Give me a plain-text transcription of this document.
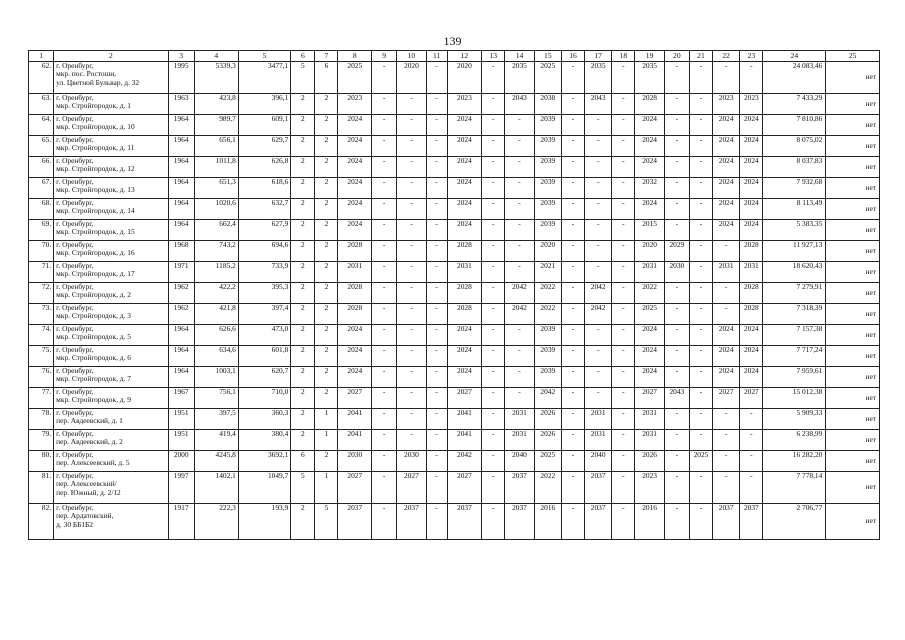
139
1	2	3	4	5	6	7	8	9	10	11	12	13	14	15	16	17	18	19	20	21	22	23	24	25
62.	г. Оренбург,
мкр. пос. Ростоши,
ул. Цветной Бульвар, д. 32	1995	5339,3	3477,1	5	6	2025	-	2020	-	2020	-	2035	2025	-	2035	-	2035	-	-	-	-	24 083,46	нет
63.	г. Оренбург,
мкр. Стройгородок, д. 1	1963	423,8	396,1	2	2	2023	-	-	-	2023	-	2043	2038	-	2043	-	2028	-	-	2023	2023	7 433,29	нет
64.	г. Оренбург,
мкр. Стройгородок, д. 10	1964	989,7	609,1	2	2	2024	-	-	-	2024	-	-	2039	-	-	-	2024	-	-	2024	2024	7 810,86	нет
65.	г. Оренбург,
мкр. Стройгородок, д. 11	1964	656,1	629,7	2	2	2024	-	-	-	2024	-	-	2039	-	-	-	2024	-	-	2024	2024	8 075,02	нет
66.	г. Оренбург,
мкр. Стройгородок, д. 12	1964	1011,8	626,8	2	2	2024	-	-	-	2024	-	-	2039	-	-	-	2024	-	-	2024	2024	8 037,83	нет
67.	г. Оренбург,
мкр. Стройгородок, д. 13	1964	651,3	618,6	2	2	2024	-	-	-	2024	-	-	2039	-	-	-	2032	-	-	2024	2024	7 932,68	нет
68.	г. Оренбург,
мкр. Стройгородок, д. 14	1964	1020,6	632,7	2	2	2024	-	-	-	2024	-	-	2039	-	-	-	2024	-	-	2024	2024	8 113,49	нет
69.	г. Оренбург,
мкр. Стройгородок, д. 15	1964	662,4	627,9	2	2	2024	-	-	-	2024	-	-	2039	-	-	-	2015	-	-	2024	2024	5 383,35	нет
70.	г. Оренбург,
мкр. Стройгородок, д. 16	1968	743,2	694,6	2	2	2028	-	-	-	2028	-	-	2020	-	-	-	2020	2029	-	-	2028	11 927,13	нет
71.	г. Оренбург,
мкр. Стройгородок, д. 17	1971	1185,2	733,9	2	2	2031	-	-	-	2031	-	-	2021	-	-	-	2031	2030	-	2031	2031	18 620,43	нет
72.	г. Оренбург,
мкр. Стройгородок, д. 2	1962	422,2	395,3	2	2	2028	-	-	-	2028	-	2042	2022	-	2042	-	2022	-	-	-	2028	7 279,91	нет
73.	г. Оренбург,
мкр. Стройгородок, д. 3	1962	421,8	397,4	2	2	2028	-	-	-	2028	-	2042	2022	-	2042	-	2025	-	-	-	2028	7 318,39	нет
74.	г. Оренбург,
мкр. Стройгородок, д. 5	1964	626,6	473,0	2	2	2024	-	-	-	2024	-	-	2039	-	-	-	2024	-	-	2024	2024	7 157,38	нет
75.	г. Оренбург,
мкр. Стройгородок, д. 6	1964	634,6	601,8	2	2	2024	-	-	-	2024	-	-	2039	-	-	-	2024	-	-	2024	2024	7 717,24	нет
76.	г. Оренбург,
мкр. Стройгородок, д. 7	1964	1003,1	620,7	2	2	2024	-	-	-	2024	-	-	2039	-	-	-	2024	-	-	2024	2024	7 959,61	нет
77.	г. Оренбург,
мкр. Стройгородок, д. 9	1967	756,1	710,0	2	2	2027	-	-	-	2027	-	-	2042	-	-	-	2027	2043	-	2027	2027	15 012,38	нет
78.	г. Оренбург,
пер. Авдеевский, д. 1	1951	397,5	360,3	2	1	2041	-	-	-	2041	-	2031	2026	-	2031	-	2031	-	-	-	-	5 909,33	нет
79.	г. Оренбург,
пер. Авдеевский, д. 2	1951	419,4	380,4	2	1	2041	-	-	-	2041	-	2031	2026	-	2031	-	2031	-	-	-	-	6 238,99	нет
80.	г. Оренбург,
пер. Алексеевский, д. 5	2000	4245,8	3692,1	6	2	2030	-	2030	-	2042	-	2040	2025	-	2040	-	2026	-	2025	-	-	16 282,20	нет
81.	г. Оренбург,
пер. Алексеевский/
пер. Южный, д. 2/12	1997	1402,1	1049,7	5	1	2027	-	2027	-	2027	-	2037	2022	-	2037	-	2023	-	-	-	-	7 778,14	нет
82.	г. Оренбург,
пер. Ардатовский,
д. 30 ББ1Б2	1917	222,3	193,9	2	5	2037	-	2037	-	2037	-	2037	2016	-	2037	-	2016	-	-	2037	2037	2 706,77	нет
